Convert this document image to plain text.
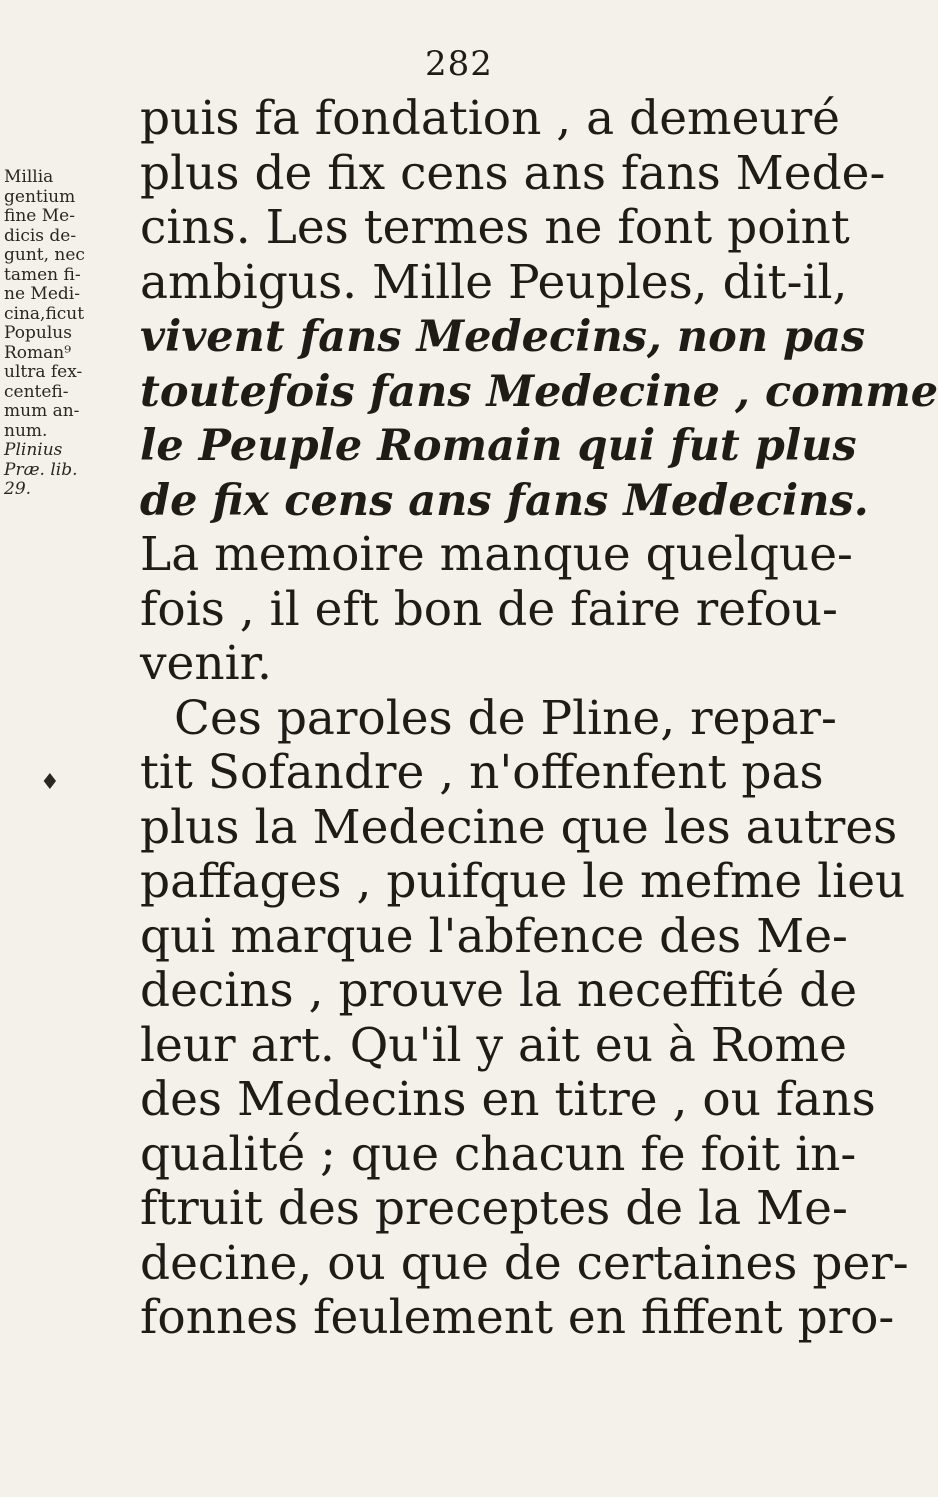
282
Millia
gentium
fine Me-
dicis de-
gunt, nec
tamen fi-
ne Medi-
cina,ficut
Populus
Roman⁹
ultra fex-
centefi-
mum an-
num.
Plinius
Præ. lib.
29.
♦
puis fa fondation , a demeuré
plus de fix cens ans fans Mede-
cins. Les termes ne font point
ambigus. Mille Peuples, dit-il,
vivent fans Medecins, non pas
toutefois fans Medecine , comme
le Peuple Romain qui fut plus
de fix cens ans fans Medecins.
La memoire manque quelque-
fois , il eft bon de faire refou-
venir.
Ces paroles de Pline, repar-
tit Sofandre , n'offenfent pas
plus la Medecine que les autres
paffages , puifque le mefme lieu
qui marque l'abfence des Me-
decins , prouve la neceffité de
leur art. Qu'il y ait eu à Rome
des Medecins en titre , ou fans
qualité ; que chacun fe foit in-
ftruit des preceptes de la Me-
decine, ou que de certaines per-
fonnes feulement en fiffent pro-
